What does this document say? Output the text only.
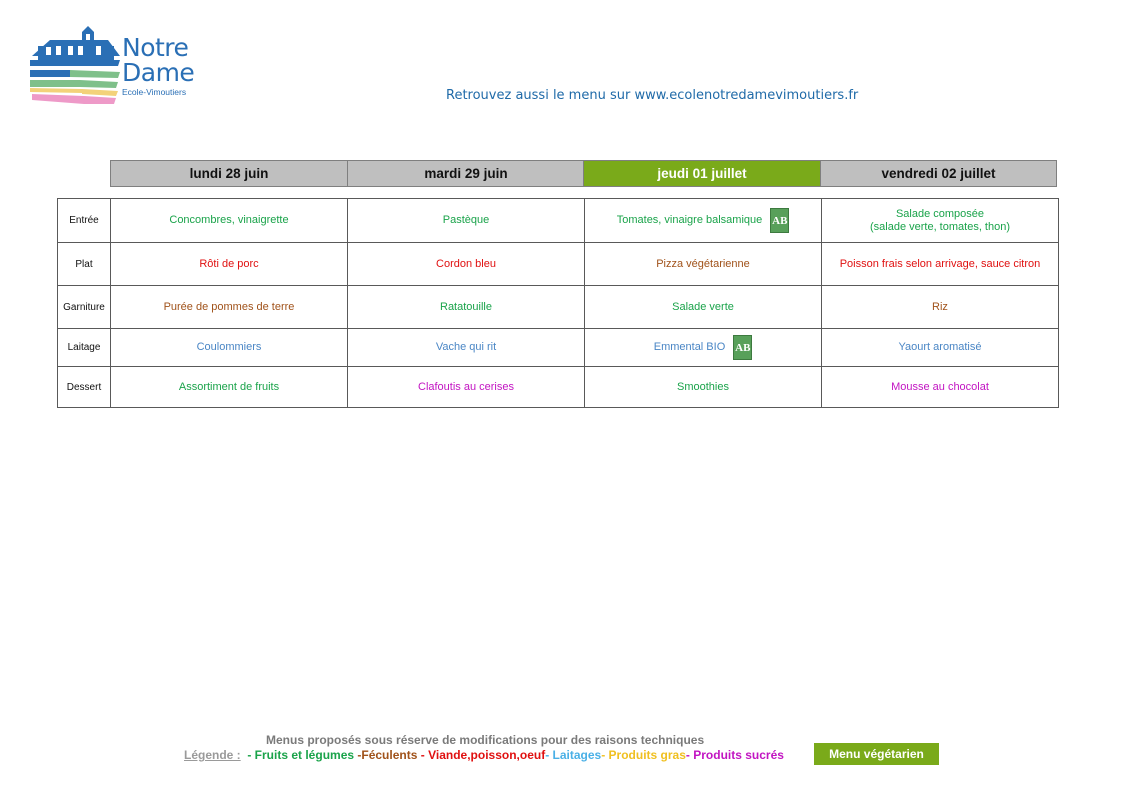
Notre
Dame
Ecole-Vimoutiers	Retrouvez aussi le menu sur www.ecolenotredamevimoutiers.fr
lundi 28 juin	mardi 29 juin	jeudi 01 juillet	vendredi 02 juillet
Entrée	Concombres, vinaigrette	Pastèque	Tomates, vinaigre balsamique AB	Salade composée
(salade verte, tomates, thon)

Plat	Rôti de porc	Cordon bleu	Pizza végétarienne	Poisson frais selon arrivage, sauce citron

Garniture	Purée de pommes de terre	Ratatouille	Salade verte	Riz

Laitage	Coulommiers	Vache qui rit	Emmental BIO AB	Yaourt aromatisé

Dessert	Assortiment de fruits	Clafoutis au cerises	Smoothies	Mousse au chocolat
Menus proposés sous réserve de modifications pour des raisons techniques
Légende :  - Fruits et légumes -Féculents - Viande,poisson,oeuf- Laitages- Produits gras- Produits sucrés	Menu végétarien
